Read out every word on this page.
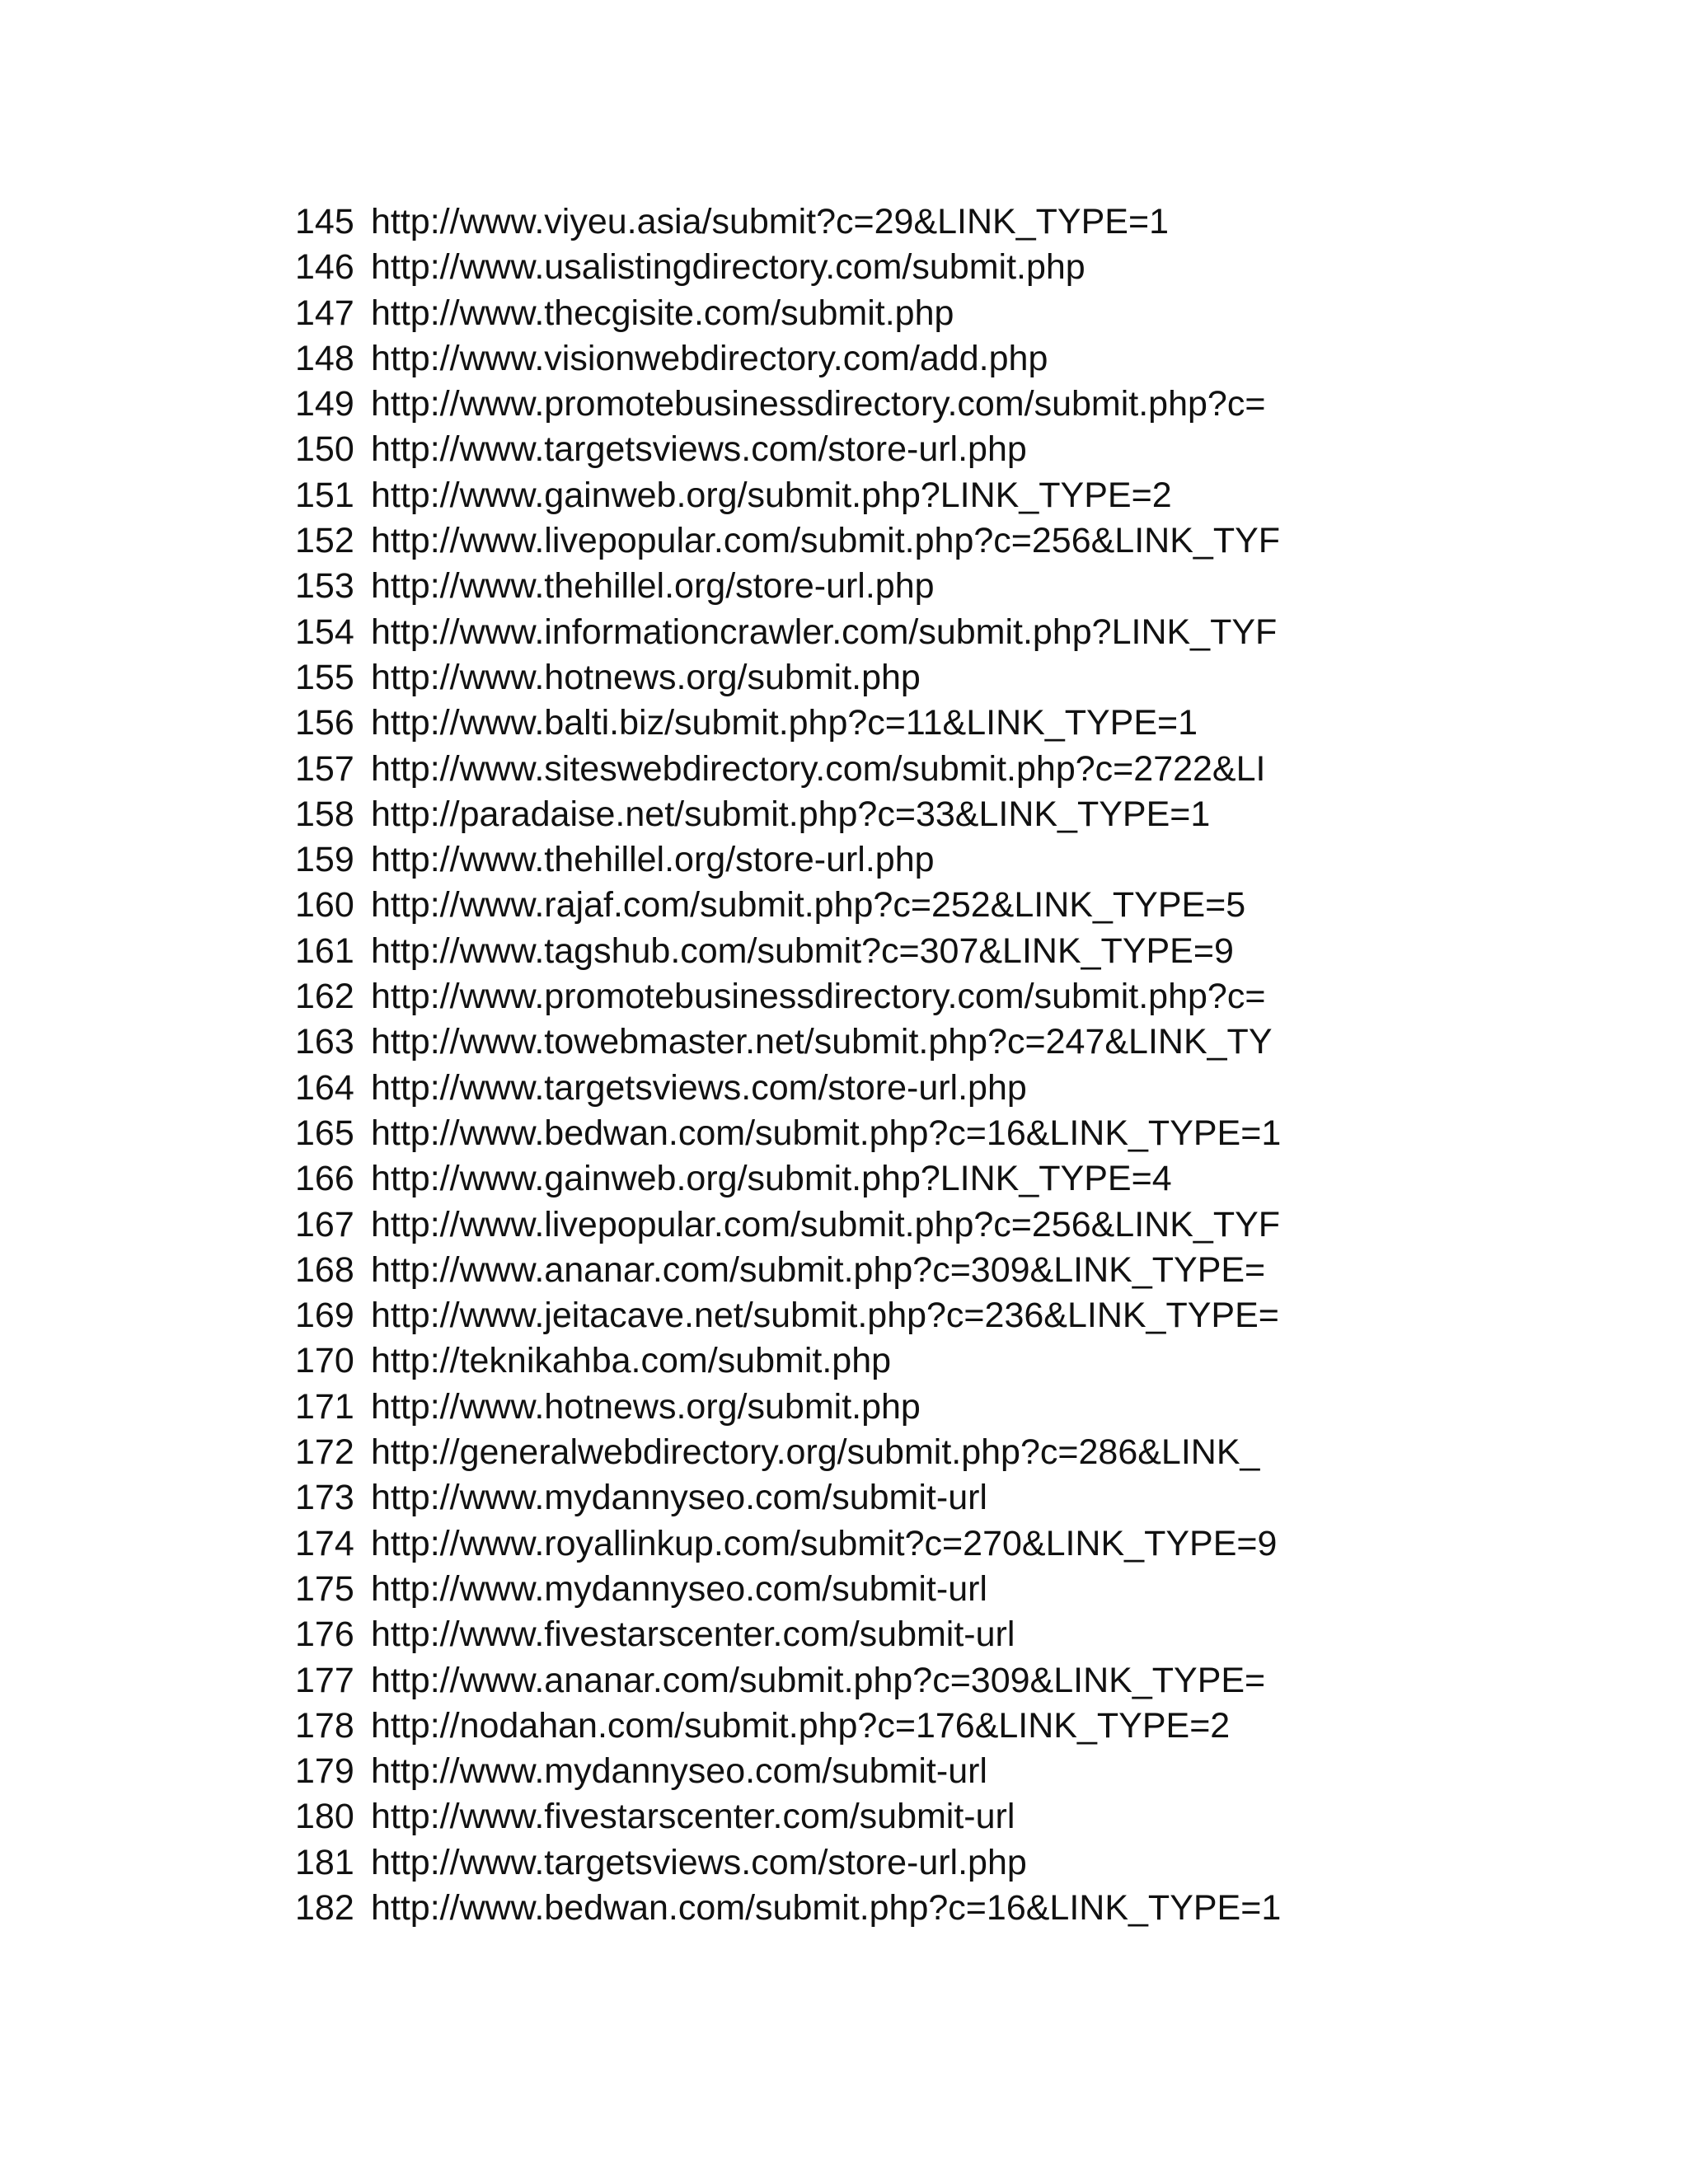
145 http://www.viyeu.asia/submit?c=29&LINK_TYPE=1
146 http://www.usalistingdirectory.com/submit.php
147 http://www.thecgisite.com/submit.php
148 http://www.visionwebdirectory.com/add.php
149 http://www.promotebusinessdirectory.com/submit.php?c=
150 http://www.targetsviews.com/store-url.php
151 http://www.gainweb.org/submit.php?LINK_TYPE=2
152 http://www.livepopular.com/submit.php?c=256&LINK_TYF
153 http://www.thehillel.org/store-url.php
154 http://www.informationcrawler.com/submit.php?LINK_TYF
155 http://www.hotnews.org/submit.php
156 http://www.balti.biz/submit.php?c=11&LINK_TYPE=1
157 http://www.siteswebdirectory.com/submit.php?c=2722&LI
158 http://paradaise.net/submit.php?c=33&LINK_TYPE=1
159 http://www.thehillel.org/store-url.php
160 http://www.rajaf.com/submit.php?c=252&LINK_TYPE=5
161 http://www.tagshub.com/submit?c=307&LINK_TYPE=9
162 http://www.promotebusinessdirectory.com/submit.php?c=
163 http://www.towebmaster.net/submit.php?c=247&LINK_TY
164 http://www.targetsviews.com/store-url.php
165 http://www.bedwan.com/submit.php?c=16&LINK_TYPE=1
166 http://www.gainweb.org/submit.php?LINK_TYPE=4
167 http://www.livepopular.com/submit.php?c=256&LINK_TYF
168 http://www.ananar.com/submit.php?c=309&LINK_TYPE=
169 http://www.jeitacave.net/submit.php?c=236&LINK_TYPE=
170 http://teknikahba.com/submit.php
171 http://www.hotnews.org/submit.php
172 http://generalwebdirectory.org/submit.php?c=286&LINK_
173 http://www.mydannyseo.com/submit-url
174 http://www.royallinkup.com/submit?c=270&LINK_TYPE=9
175 http://www.mydannyseo.com/submit-url
176 http://www.fivestarscenter.com/submit-url
177 http://www.ananar.com/submit.php?c=309&LINK_TYPE=
178 http://nodahan.com/submit.php?c=176&LINK_TYPE=2
179 http://www.mydannyseo.com/submit-url
180 http://www.fivestarscenter.com/submit-url
181 http://www.targetsviews.com/store-url.php
182 http://www.bedwan.com/submit.php?c=16&LINK_TYPE=1
